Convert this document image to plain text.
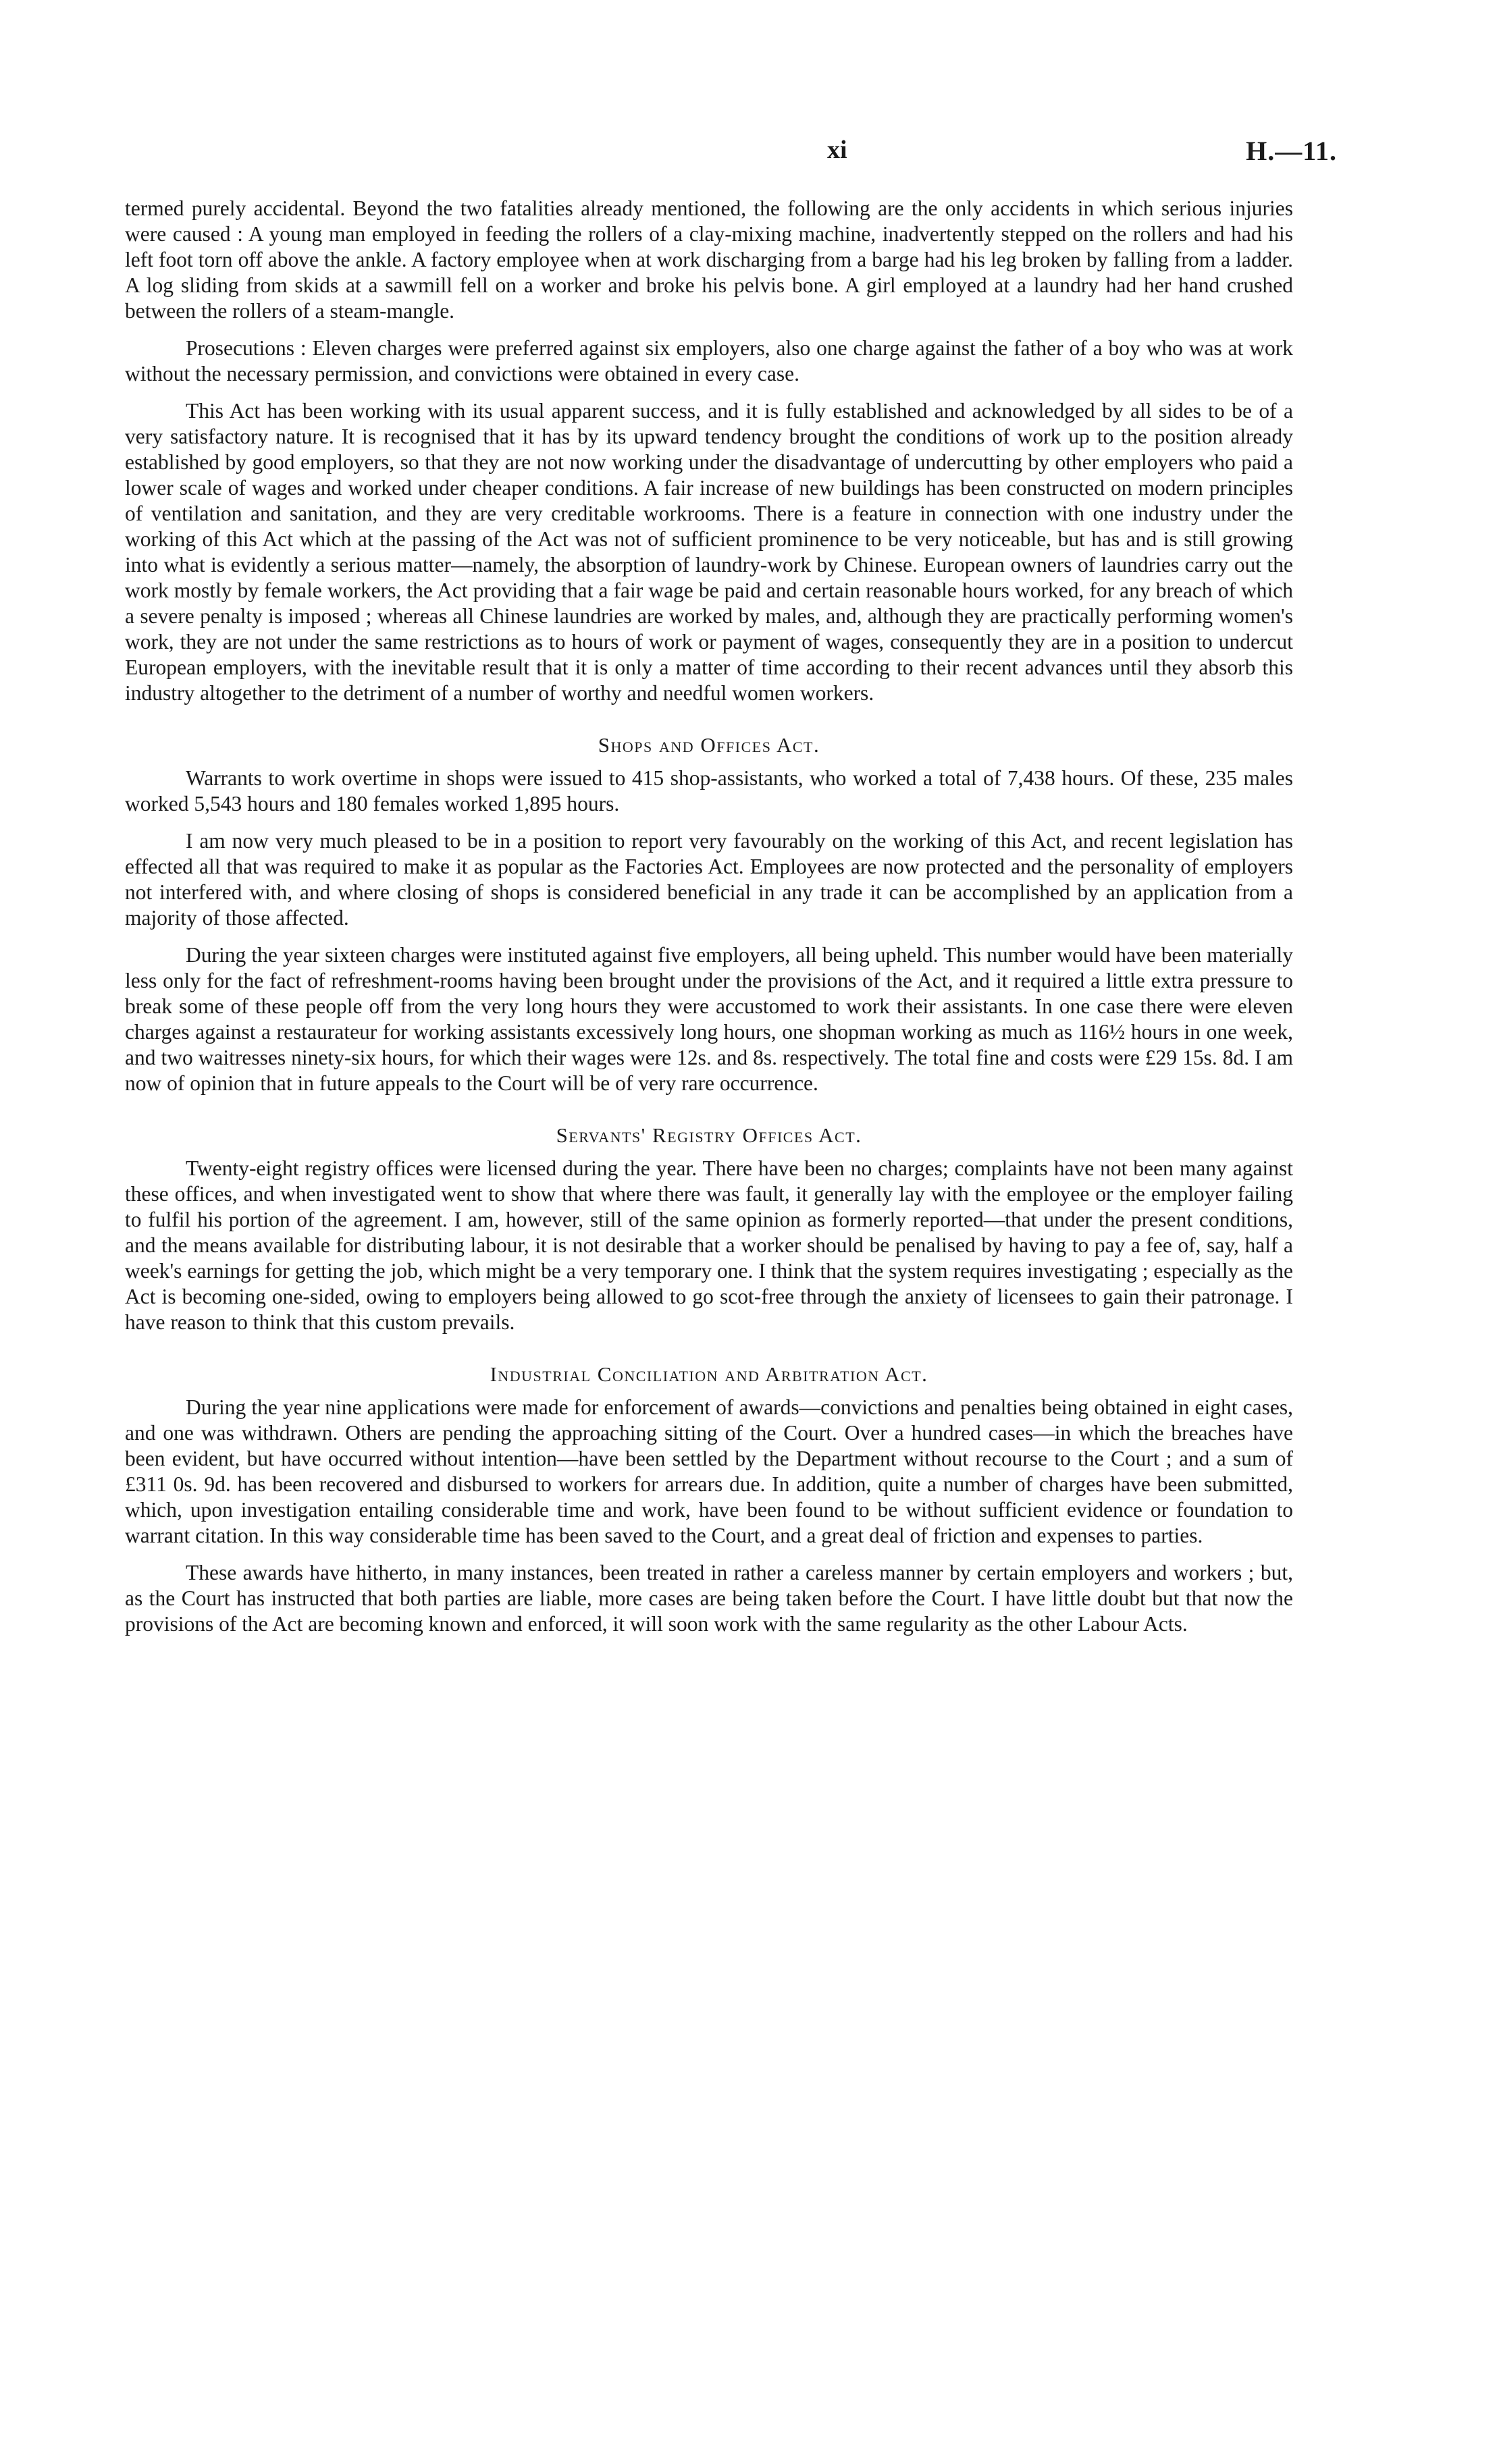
xi	H.—11.

termed purely accidental. Beyond the two fatalities already mentioned, the following are the only accidents in which serious injuries were caused : A young man employed in feeding the rollers of a clay-mixing machine, inadvertently stepped on the rollers and had his left foot torn off above the ankle. A factory employee when at work discharging from a barge had his leg broken by falling from a ladder. A log sliding from skids at a sawmill fell on a worker and broke his pelvis bone. A girl employed at a laundry had her hand crushed between the rollers of a steam-mangle.

Prosecutions : Eleven charges were preferred against six employers, also one charge against the father of a boy who was at work without the necessary permission, and convictions were obtained in every case.

This Act has been working with its usual apparent success, and it is fully established and acknowledged by all sides to be of a very satisfactory nature. It is recognised that it has by its upward tendency brought the conditions of work up to the position already established by good employers, so that they are not now working under the disadvantage of undercutting by other employers who paid a lower scale of wages and worked under cheaper conditions. A fair increase of new buildings has been constructed on modern principles of ventilation and sanitation, and they are very creditable workrooms. There is a feature in connection with one industry under the working of this Act which at the passing of the Act was not of sufficient prominence to be very noticeable, but has and is still growing into what is evidently a serious matter—namely, the absorption of laundry-work by Chinese. European owners of laundries carry out the work mostly by female workers, the Act providing that a fair wage be paid and certain reasonable hours worked, for any breach of which a severe penalty is imposed ; whereas all Chinese laundries are worked by males, and, although they are practically performing women's work, they are not under the same restrictions as to hours of work or payment of wages, consequently they are in a position to undercut European employers, with the inevitable result that it is only a matter of time according to their recent advances until they absorb this industry altogether to the detriment of a number of worthy and needful women workers.

Shops and Offices Act.

Warrants to work overtime in shops were issued to 415 shop-assistants, who worked a total of 7,438 hours. Of these, 235 males worked 5,543 hours and 180 females worked 1,895 hours.

I am now very much pleased to be in a position to report very favourably on the working of this Act, and recent legislation has effected all that was required to make it as popular as the Factories Act. Employees are now protected and the personality of employers not interfered with, and where closing of shops is considered beneficial in any trade it can be accomplished by an application from a majority of those affected.

During the year sixteen charges were instituted against five employers, all being upheld. This number would have been materially less only for the fact of refreshment-rooms having been brought under the provisions of the Act, and it required a little extra pressure to break some of these people off from the very long hours they were accustomed to work their assistants. In one case there were eleven charges against a restaurateur for working assistants excessively long hours, one shopman working as much as 116½ hours in one week, and two waitresses ninety-six hours, for which their wages were 12s. and 8s. respectively. The total fine and costs were £29 15s. 8d. I am now of opinion that in future appeals to the Court will be of very rare occurrence.

Servants' Registry Offices Act.

Twenty-eight registry offices were licensed during the year. There have been no charges; complaints have not been many against these offices, and when investigated went to show that where there was fault, it generally lay with the employee or the employer failing to fulfil his portion of the agreement. I am, however, still of the same opinion as formerly reported—that under the present conditions, and the means available for distributing labour, it is not desirable that a worker should be penalised by having to pay a fee of, say, half a week's earnings for getting the job, which might be a very temporary one. I think that the system requires investigating ; especially as the Act is becoming one-sided, owing to employers being allowed to go scot-free through the anxiety of licensees to gain their patronage. I have reason to think that this custom prevails.

Industrial Conciliation and Arbitration Act.

During the year nine applications were made for enforcement of awards—convictions and penalties being obtained in eight cases, and one was withdrawn. Others are pending the approaching sitting of the Court. Over a hundred cases—in which the breaches have been evident, but have occurred without intention—have been settled by the Department without recourse to the Court ; and a sum of £311 0s. 9d. has been recovered and disbursed to workers for arrears due. In addition, quite a number of charges have been submitted, which, upon investigation entailing considerable time and work, have been found to be without sufficient evidence or foundation to warrant citation. In this way considerable time has been saved to the Court, and a great deal of friction and expenses to parties.

These awards have hitherto, in many instances, been treated in rather a careless manner by certain employers and workers ; but, as the Court has instructed that both parties are liable, more cases are being taken before the Court. I have little doubt but that now the provisions of the Act are becoming known and enforced, it will soon work with the same regularity as the other Labour Acts.
